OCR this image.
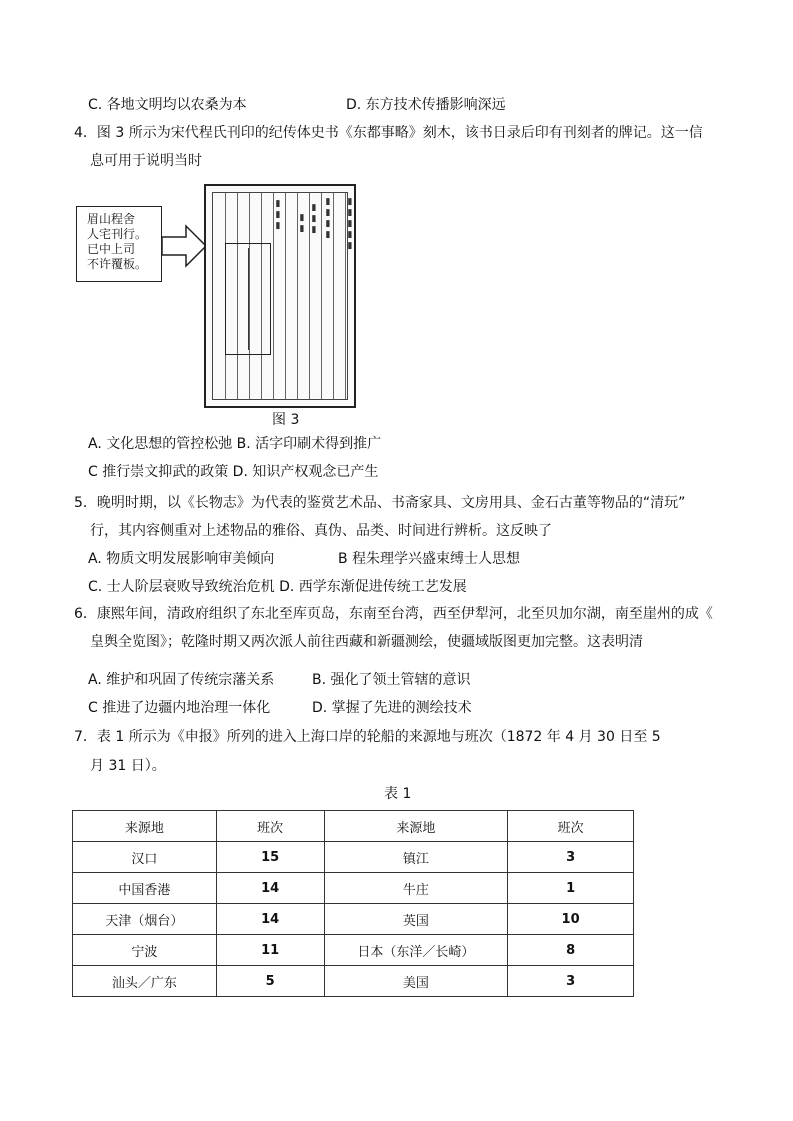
C. 各地文明均以农桑为本	D. 东方技术传播影响深远
4．图 3 所示为宋代程氏刊印的纪传体史书《东都事略》刻木，该书日录后印有刊刻者的牌记。这一信
息可用于说明当时
眉山程舍
人宅刊行。
已中上司
不许覆板。
▮▮▮▮
▮▮▮
▮▮
▮▮▮	▮▮▮▮▮
图 3
A. 文化思想的管控松弛 B. 活字印刷术得到推广
C 推行崇文抑武的政策 D. 知识产权观念已产生
5．晚明时期，以《长物志》为代表的鉴赏艺术品、书斋家具、文房用具、金石古董等物品的“清玩”
行，其内容侧重对上述物品的雅俗、真伪、品类、时间进行辨析。这反映了
A. 物质文明发展影响审美倾向	B 程朱理学兴盛束缚士人思想
C. 士人阶层衰败导致统治危机 D. 西学东渐促进传统工艺发展
6．康熙年间，清政府组织了东北至库页岛，东南至台湾，西至伊犁河，北至贝加尔湖，南至崖州的成《
皇舆全览图》；乾隆时期又两次派人前往西藏和新疆测绘，使疆域版图更加完整。这表明清
A. 维护和巩固了传统宗藩关系	B. 强化了领土管辖的意识
C 推进了边疆内地治理一体化	D. 掌握了先进的测绘技术
7．表 1 所示为《申报》所列的进入上海口岸的轮船的来源地与班次（1872 年 4 月 30 日至 5
月 31 日）。
表 1
来源地	班次	来源地	班次
汉口	15	镇江	3
中国香港	14	牛庄	1
天津（烟台）	14	英国	10
宁波	11	日本（东洋／长崎）	8
汕头／广东	5	美国	3
